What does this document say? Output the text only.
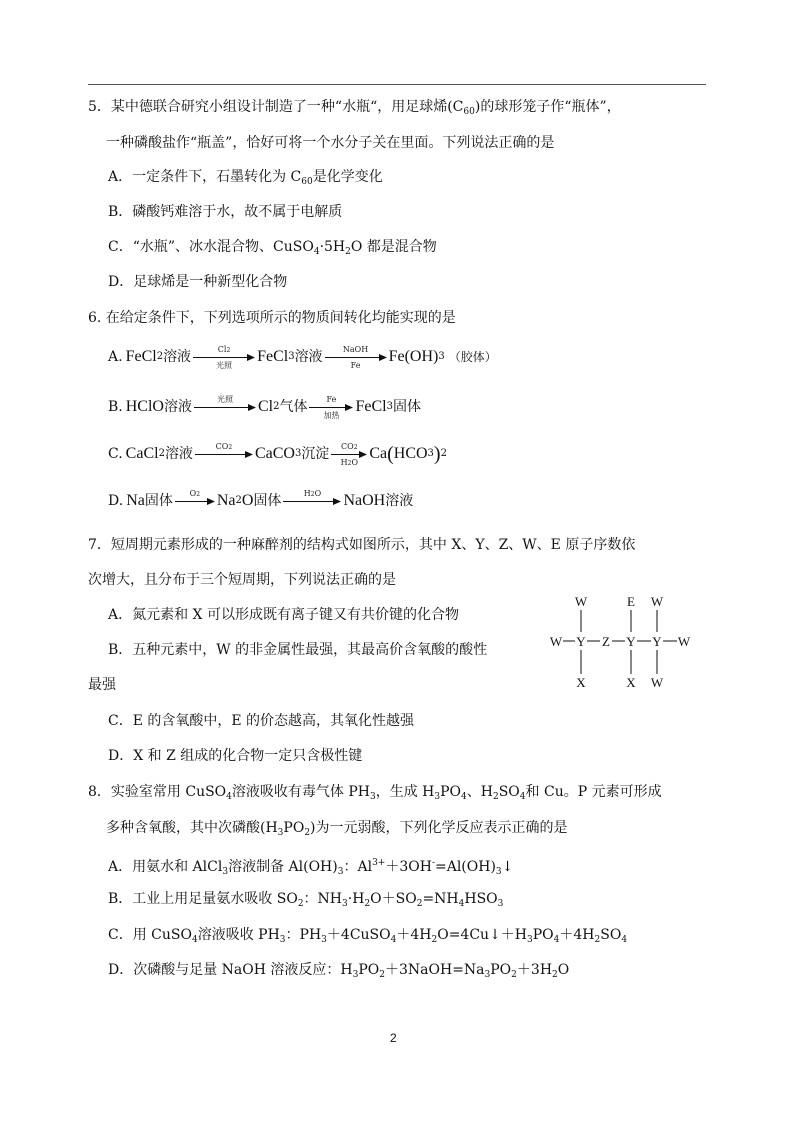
5．某中德联合研究小组设计制造了一种“水瓶“，用足球烯$(C_{60})$的球形笼子作“瓶体”，
一种磷酸盐作“瓶盖”，恰好可将一个水分子关在里面。下列说法正确的是
A．一定条件下，石墨转化为 $C_{60}$是化学变化
B．磷酸钙难溶于水，故不属于电解质
C．“水瓶”、冰水混合物、$CuSO_4\cdot 5H_2O$ 都是混合物
D．足球烯是一种新型化合物
6. 在给定条件下，下列选项所示的物质间转化均能实现的是
A. FeCl 2 溶液	Cl2
光照 FeCl 3 溶液	NaOH
Fe Fe(OH) 3 （胶体）
B. HClO 溶液	光照 Cl 2 气体 Fe
加热 FeCl 3 固体
C. CaCl 2 溶液	CO2 CaCO 3 沉淀 CO2
H2O Ca ( HCO 3 ) 2
D. Na 固体 O2 Na 2 O 固体	H2O NaOH 溶液
7．短周期元素形成的一种麻醉剂的结构式如图所示，其中 X、Y、Z、W、E 原子序数依
次增大，且分布于三个短周期，下列说法正确的是
A．氮元素和 X 可以形成既有离子键又有共价键的化合物
B．五种元素中，W 的非金属性最强，其最高价含氧酸的酸性
最强
C．E 的含氧酸中，E 的价态越高，其氧化性越强
D．X 和 Z 组成的化合物一定只含极性键
W	E W
W Y Z Y Y W
X	X W
8．实验室常用 CuSO$_4$溶液吸收有毒气体 $PH_3$，生成 $H_3PO_4$、$H_2SO_4$和 Cu。P 元素可形成
多种含氧酸，其中次磷酸$(H_3PO_2)$为一元弱酸，下列化学反应表示正确的是
A．用氨水和 AlCl$_3$溶液制备 $Al(OH)_3$：$Al^{3+}+3OH^-=Al(OH)_3↓$
B．工业上用足量氨水吸收 $SO_2$：$NH_3\cdot H_2O+SO_2=NH_4HSO_3$
C．用 CuSO$_4$溶液吸收 $PH_3$：$PH_3+4CuSO_4+4H_2O=4Cu↓+H_3PO_4+4H_2SO_4$
D．次磷酸与足量 NaOH 溶液反应：$H_3PO_2+3NaOH=Na_3PO_2+3H_2O$
2
